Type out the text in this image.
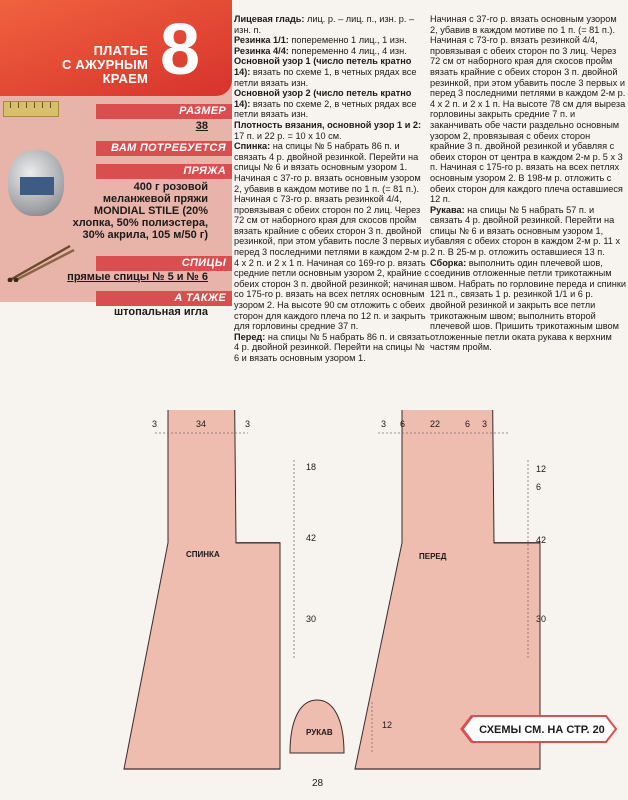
ПЛАТЬЕ
С АЖУРНЫМ
КРАЕМ 8
РАЗМЕР
38
ВАМ ПОТРЕБУЕТСЯ
ПРЯЖА
400 г розовой меланжевой пряжи MONDIAL STILE (20% хлопка, 50% полиэстера, 30% акрила, 105 м/50 г)
СПИЦЫ
прямые спицы № 5 и № 6
А ТАКЖЕ
штопальная игла

Лицевая гладь: лиц. р. – лиц. п., изн. р. – изн. п.

Резинка 1/1: попеременно 1 лиц., 1 изн.

Резинка 4/4: попеременно 4 лиц., 4 изн.

Основной узор 1 (число петель кратно 14): вязать по схеме 1, в четных рядах все петли вязать изн.

Основной узор 2 (число петель кратно 14): вязать по схеме 2, в четных рядах все петли вязать изн.

Плотность вязания, основной узор 1 и 2: 17 п. и 22 р. = 10 х 10 см.

Спинка: на спицы № 5 набрать 86 п. и связать 4 р. двойной резинкой. Перейти на спицы № 6 и вязать основным узором 1. Начиная с 37-го р. вязать основным узором 2, убавив в каждом мотиве по 1 п. (= 81 п.). Начиная с 73-го р. вязать резинкой 4/4, провязывая с обеих сторон по 2 лиц. Через 72 см от наборного края для скосов пройм вязать крайние с обеих сторон 3 п. двойной резинкой, при этом убавить после 3 первых и перед 3 последними петлями в каждом 2-м р. 4 х 2 п. и 2 х 1 п. Начиная со 169-го р. вязать средние петли основным узором 2, крайние с обеих сторон 3 п. двойной резинкой; начиная со 175-го р. вязать на всех петлях основным узором 2. На высоте 90 см отложить с обеих сторон для каждого плеча по 12 п. и закрыть для горловины средние 37 п.

Перед: на спицы № 5 набрать 86 п. и связать 4 р. двойной резинкой. Перейти на спицы № 6 и вязать основным узором 1.

Начиная с 37-го р. вязать основным узором 2, убавив в каждом мотиве по 1 п. (= 81 п.). Начиная с 73-го р. вязать резинкой 4/4, провязывая с обеих сторон по 3 лиц. Через 72 см от наборного края для скосов пройм вязать крайние с обеих сторон 3 п. двойной резинкой, при этом убавить после 3 первых и перед 3 последними петлями в каждом 2-м р. 4 х 2 п. и 2 х 1 п. На высоте 78 см для выреза горловины закрыть средние 7 п. и заканчивать обе части раздельно основным узором 2, провязывая с обеих сторон крайние 3 п. двойной резинкой и убавляя с обеих сторон от центра в каждом 2-м р. 5 х 3 п. Начиная с 175-го р. вязать на всех петлях основным узором 2. В 198-м р. отложить с обеих сторон для каждого плеча оставшиеся 12 п.

Рукава: на спицы № 5 набрать 57 п. и связать 4 р. двойной резинкой. Перейти на спицы № 6 и вязать основным узором 1, убавляя с обеих сторон в каждом 2-м р. 11 х 2 п. В 25-м р. отложить оставшиеся 13 п.

Сборка: выполнить один плечевой шов, соединив отложенные петли трикотажным швом. Набрать по горловине переда и спинки 121 п., связать 1 р. резинкой 1/1 и 6 р. двойной резинкой и закрыть все петли трикотажным швом; выполнить второй плечевой шов. Пришить трикотажным швом отложенные петли оката рукава к верхним частям пройм.

СПИНКА	ПЕРЕД
РУКАВ
3	34	3
18
42
30
3 6	22	6 3
12
6
42
30
12	СХЕМЫ СМ. НА СТР. 20
28
